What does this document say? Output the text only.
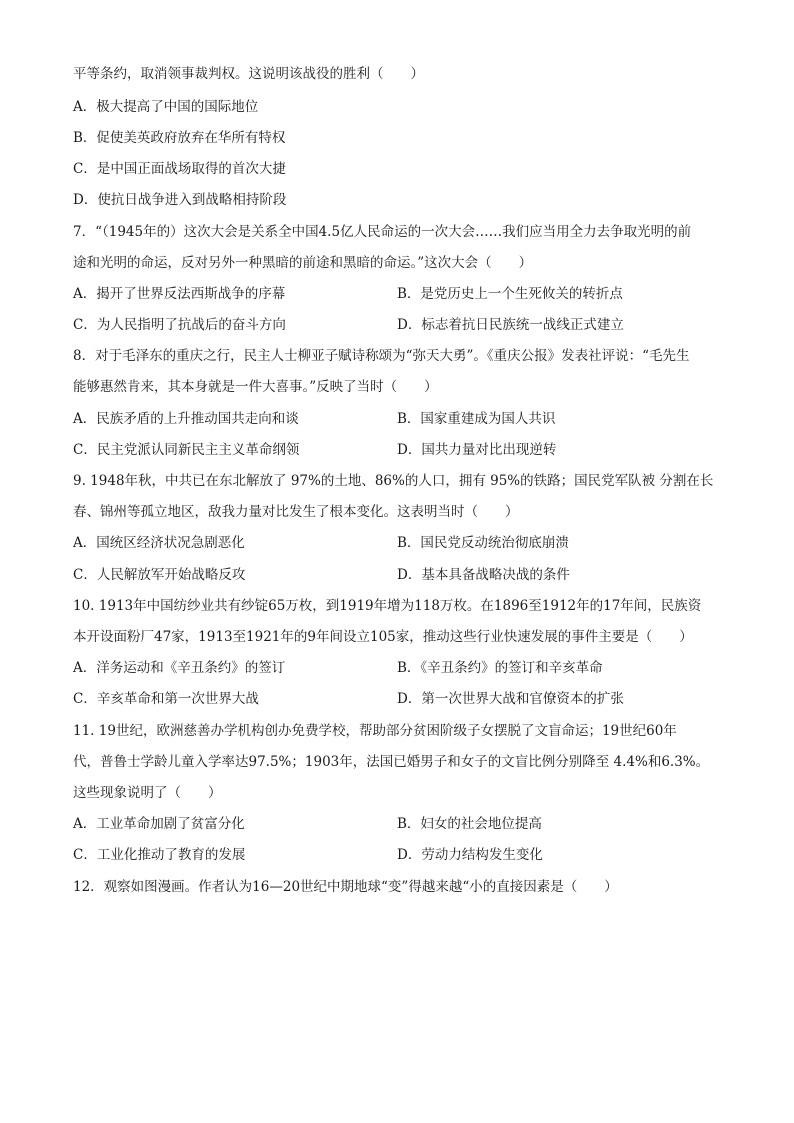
平等条约，取消领事裁判权。这说明该战役的胜利（　　）
A．极大提高了中国的国际地位
B．促使美英政府放弃在华所有特权
C．是中国正面战场取得的首次大捷
D．使抗日战争进入到战略相持阶段
7．“（1945年的）这次大会是关系全中国4.5亿人民命运的一次大会……我们应当用全力去争取光明的前
途和光明的命运，反对另外一种黑暗的前途和黑暗的命运。”这次大会（　　）
A．揭开了世界反法西斯战争的序幕	B．是党历史上一个生死攸关的转折点
C．为人民指明了抗战后的奋斗方向	D．标志着抗日民族统一战线正式建立
8．对于毛泽东的重庆之行，民主人士柳亚子赋诗称颂为“弥天大勇”。《重庆公报》发表社评说：“毛先生
能够惠然肯来，其本身就是一件大喜事。”反映了当时（　　）
A．民族矛盾的上升推动国共走向和谈	B．国家重建成为国人共识
C．民主党派认同新民主主义革命纲领	D．国共力量对比出现逆转
9. 1948年秋，中共已在东北解放了 97%的土地、86%的人口，拥有 95%的铁路；国民党军队被 分割在长
春、锦州等孤立地区，敌我力量对比发生了根本变化。这表明当时（　　）
A．国统区经济状况急剧恶化	B．国民党反动统治彻底崩溃
C．人民解放军开始战略反攻	D．基本具备战略决战的条件
10. 1913年中国纺纱业共有纱锭65万枚，到1919年增为118万枚。在1896至1912年的17年间，民族资
本开设面粉厂47家，1913至1921年的9年间设立105家，推动这些行业快速发展的事件主要是（　　）
A．洋务运动和《辛丑条约》的签订	B．《辛丑条约》的签订和辛亥革命
C．辛亥革命和第一次世界大战	D．第一次世界大战和官僚资本的扩张
11. 19世纪，欧洲慈善办学机构创办免费学校，帮助部分贫困阶级子女摆脱了文盲命运；19世纪60年
代，普鲁士学龄儿童入学率达97.5%；1903年，法国已婚男子和女子的文盲比例分别降至 4.4%和6.3%。
这些现象说明了（　　）
A．工业革命加剧了贫富分化	B．妇女的社会地位提高
C．工业化推动了教育的发展	D．劳动力结构发生变化
12．观察如图漫画。作者认为16—20世纪中期地球“变”得越来越“小的直接因素是（　　）
